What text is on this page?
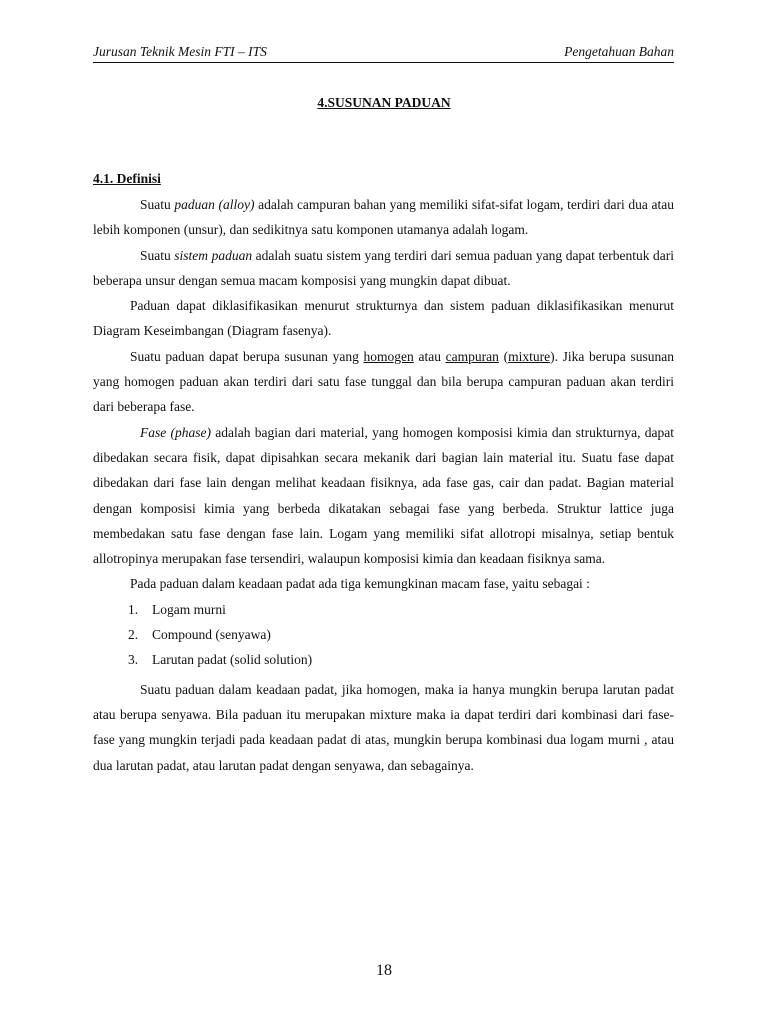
Jurusan Teknik Mesin FTI – ITS	Pengetahuan Bahan
4.SUSUNAN PADUAN
4.1. Definisi

Suatu paduan (alloy) adalah campuran bahan yang memiliki sifat-sifat logam, terdiri dari dua atau lebih komponen (unsur), dan sedikitnya satu komponen utamanya adalah logam.

Suatu sistem paduan adalah suatu sistem yang terdiri dari semua paduan yang dapat terbentuk dari beberapa unsur dengan semua macam komposisi yang mungkin dapat dibuat.

Paduan dapat diklasifikasikan menurut strukturnya dan sistem paduan diklasifikasikan menurut Diagram Keseimbangan (Diagram fasenya).

Suatu paduan dapat berupa susunan yang homogen atau campuran (mixture). Jika berupa susunan yang homogen paduan akan terdiri dari satu fase tunggal dan bila berupa campuran paduan akan terdiri dari beberapa fase.

Fase (phase) adalah bagian dari material, yang homogen komposisi kimia dan strukturnya, dapat dibedakan secara fisik, dapat dipisahkan secara mekanik dari bagian lain material itu. Suatu fase dapat dibedakan dari fase lain dengan melihat keadaan fisiknya, ada fase gas, cair dan padat. Bagian material dengan komposisi kimia yang berbeda dikatakan sebagai fase yang berbeda. Struktur lattice juga membedakan satu fase dengan fase lain. Logam yang memiliki sifat allotropi misalnya, setiap bentuk allotropinya merupakan fase tersendiri, walaupun komposisi kimia dan keadaan fisiknya sama.

Pada paduan dalam keadaan padat ada tiga kemungkinan macam fase, yaitu sebagai :

1. Logam murni
2. Compound (senyawa)
3. Larutan padat (solid solution)

Suatu paduan dalam keadaan padat, jika homogen, maka ia hanya mungkin berupa larutan padat atau berupa senyawa. Bila paduan itu merupakan mixture maka ia dapat terdiri dari kombinasi dari fase-fase yang mungkin terjadi pada keadaan padat di atas, mungkin berupa kombinasi dua logam murni , atau dua larutan padat, atau larutan padat dengan senyawa, dan sebagainya.

18
